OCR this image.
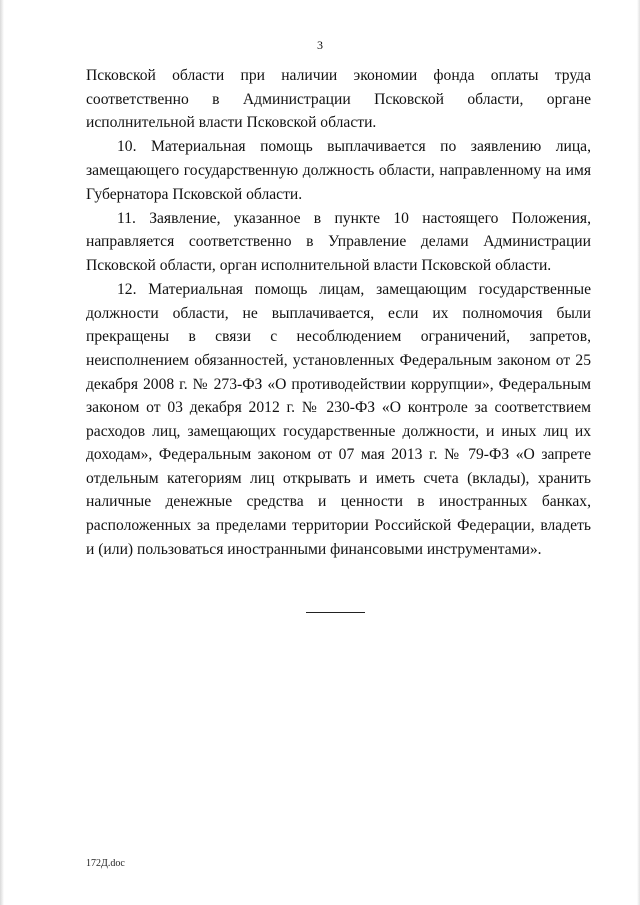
3

Псковской области при наличии экономии фонда оплаты труда соответственно в Администрации Псковской области, органе исполнительной власти Псковской области.

10. Материальная помощь выплачивается по заявлению лица, замещающего государственную должность области, направленному на имя Губернатора Псковской области.

11. Заявление, указанное в пункте 10 настоящего Положения, направляется соответственно в Управление делами Администрации Псковской области, орган исполнительной власти Псковской области.

12. Материальная помощь лицам, замещающим государственные должности области, не выплачивается, если их полномочия были прекращены в связи с несоблюдением ограничений, запретов, неисполнением обязанностей, установленных Федеральным законом от 25 декабря 2008 г. № 273-ФЗ «О противодействии коррупции», Федеральным законом от 03 декабря 2012 г. № 230-ФЗ «О контроле за соответствием расходов лиц, замещающих государственные должности, и иных лиц их доходам», Федеральным законом от 07 мая 2013 г. № 79-ФЗ «О запрете отдельным категориям лиц открывать и иметь счета (вклады), хранить наличные денежные средства и ценности в иностранных банках, расположенных за пределами территории Российской Федерации, владеть и (или) пользоваться иностранными финансовыми инструментами».

172Д.doc
